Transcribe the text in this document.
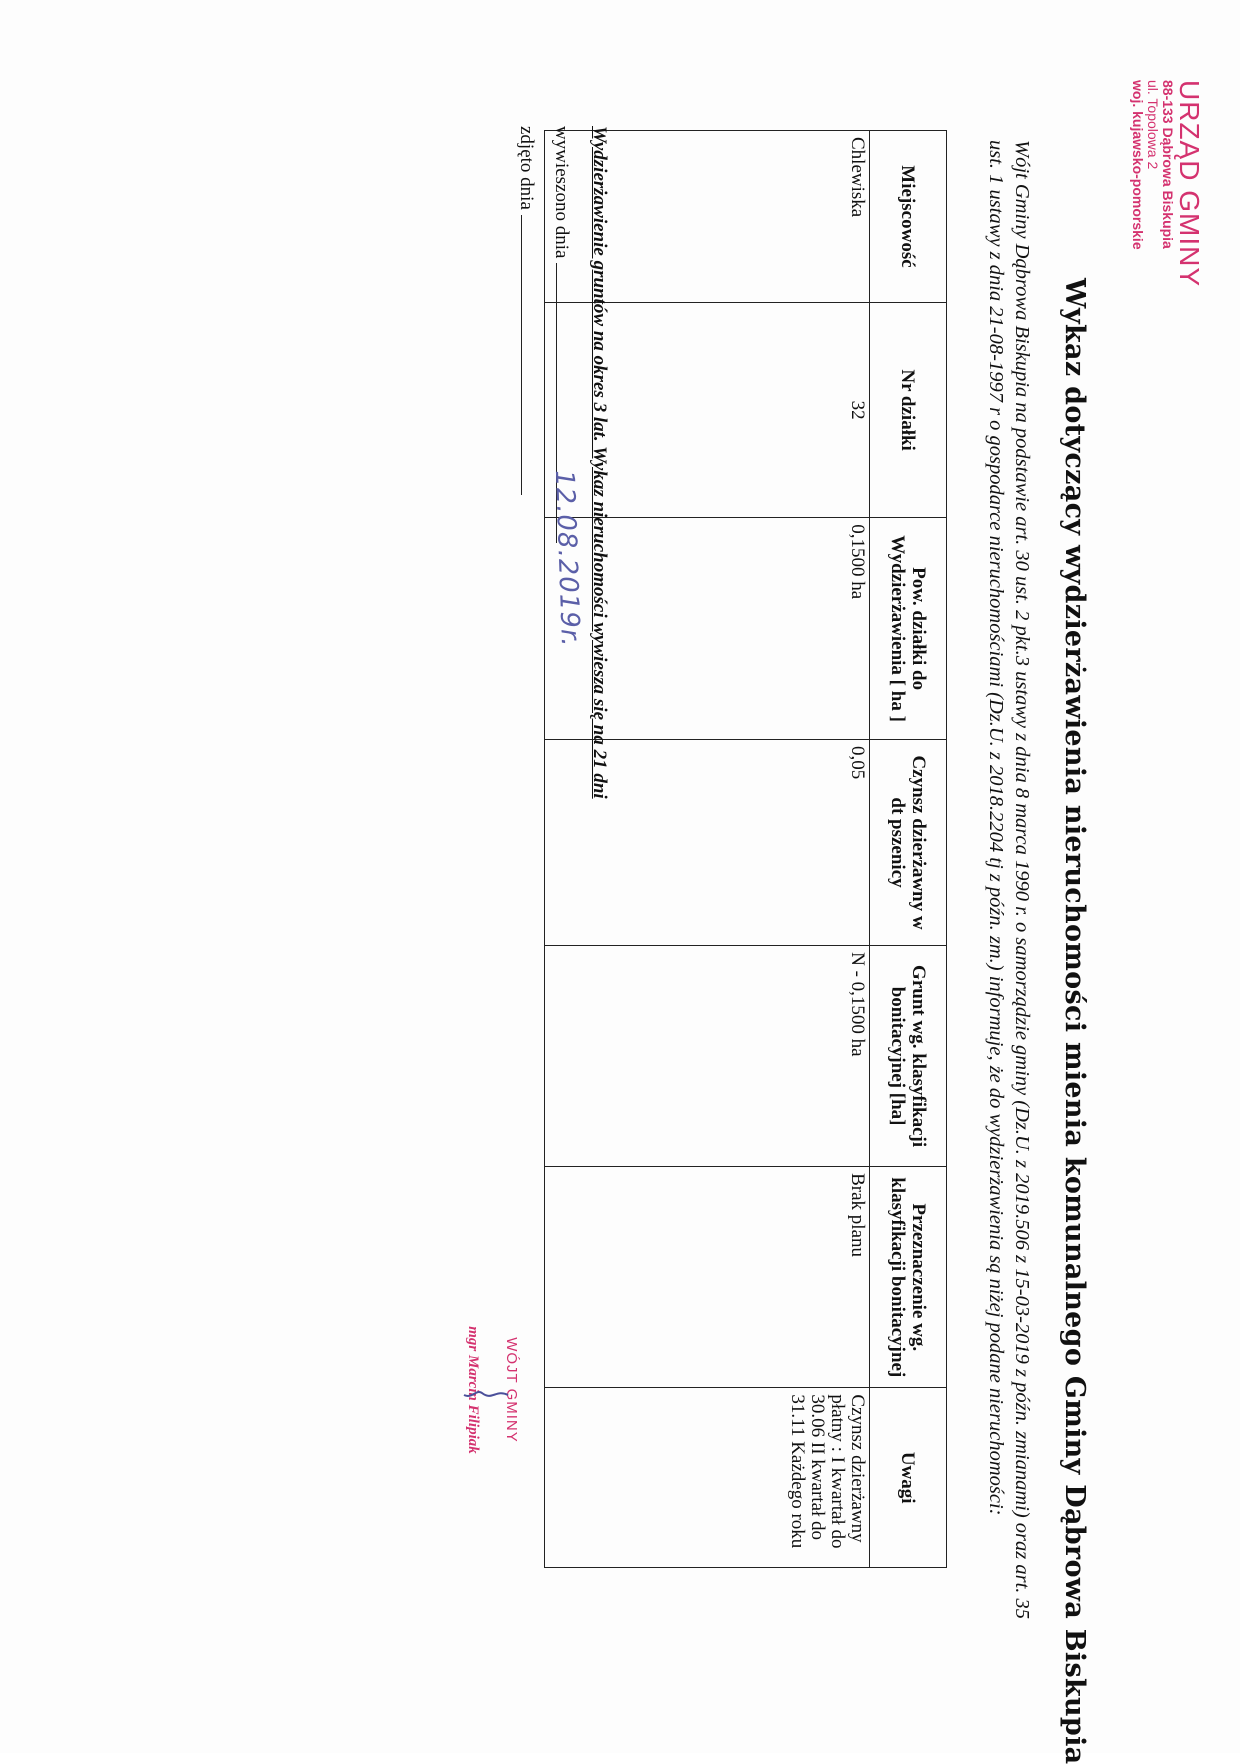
URZĄD GMINY
88-133 Dąbrowa Biskupia
ul. Topolowa 2
woj. kujawsko-pomorskie
Wykaz dotyczący wydzierżawienia nieruchomości mienia komunalnego Gminy Dąbrowa Biskupia
Wójt Gminy Dąbrowa Biskupia na podstawie art. 30 ust. 2 pkt.3 ustawy z dnia 8 marca 1990 r. o samorządzie gminy (Dz.U. z 2019.506 z 15-03-2019 z późn. zmianami) oraz art. 35 ust. 1 ustawy z dnia 21-08-1997 r o gospodarce nieruchomościami (Dz.U. z 2018.2204 tj z późn. zm.) informuje, że do wydzierżawienia są niżej podane nieruchomości:
Miejscowość	Nr działki	Pow. działki do Wydzierżawienia [ ha ]	Czynsz dzierżawny w dt pszenicy	Grunt wg. klasyfikacji bonitacyjnej [ha]	Przeznaczenie wg. klasyfikacji bonitacyjnej	Uwagi
Chlewiska	32	0,1500 ha	0,05	N - 0,1500 ha	Brak planu	Czynsz dzierżawny płatny : I kwartał do 30.06 II kwartał do 31.11 Każdego roku
Wydzierżawienie gruntów na okres 3 lat. Wykaz nieruchomości wywiesza się na 21 dni
wywieszono dnia
12.08.2019r.
zdjęto dnia
WÓJT GMINY
mgr Marcin Filipiak
